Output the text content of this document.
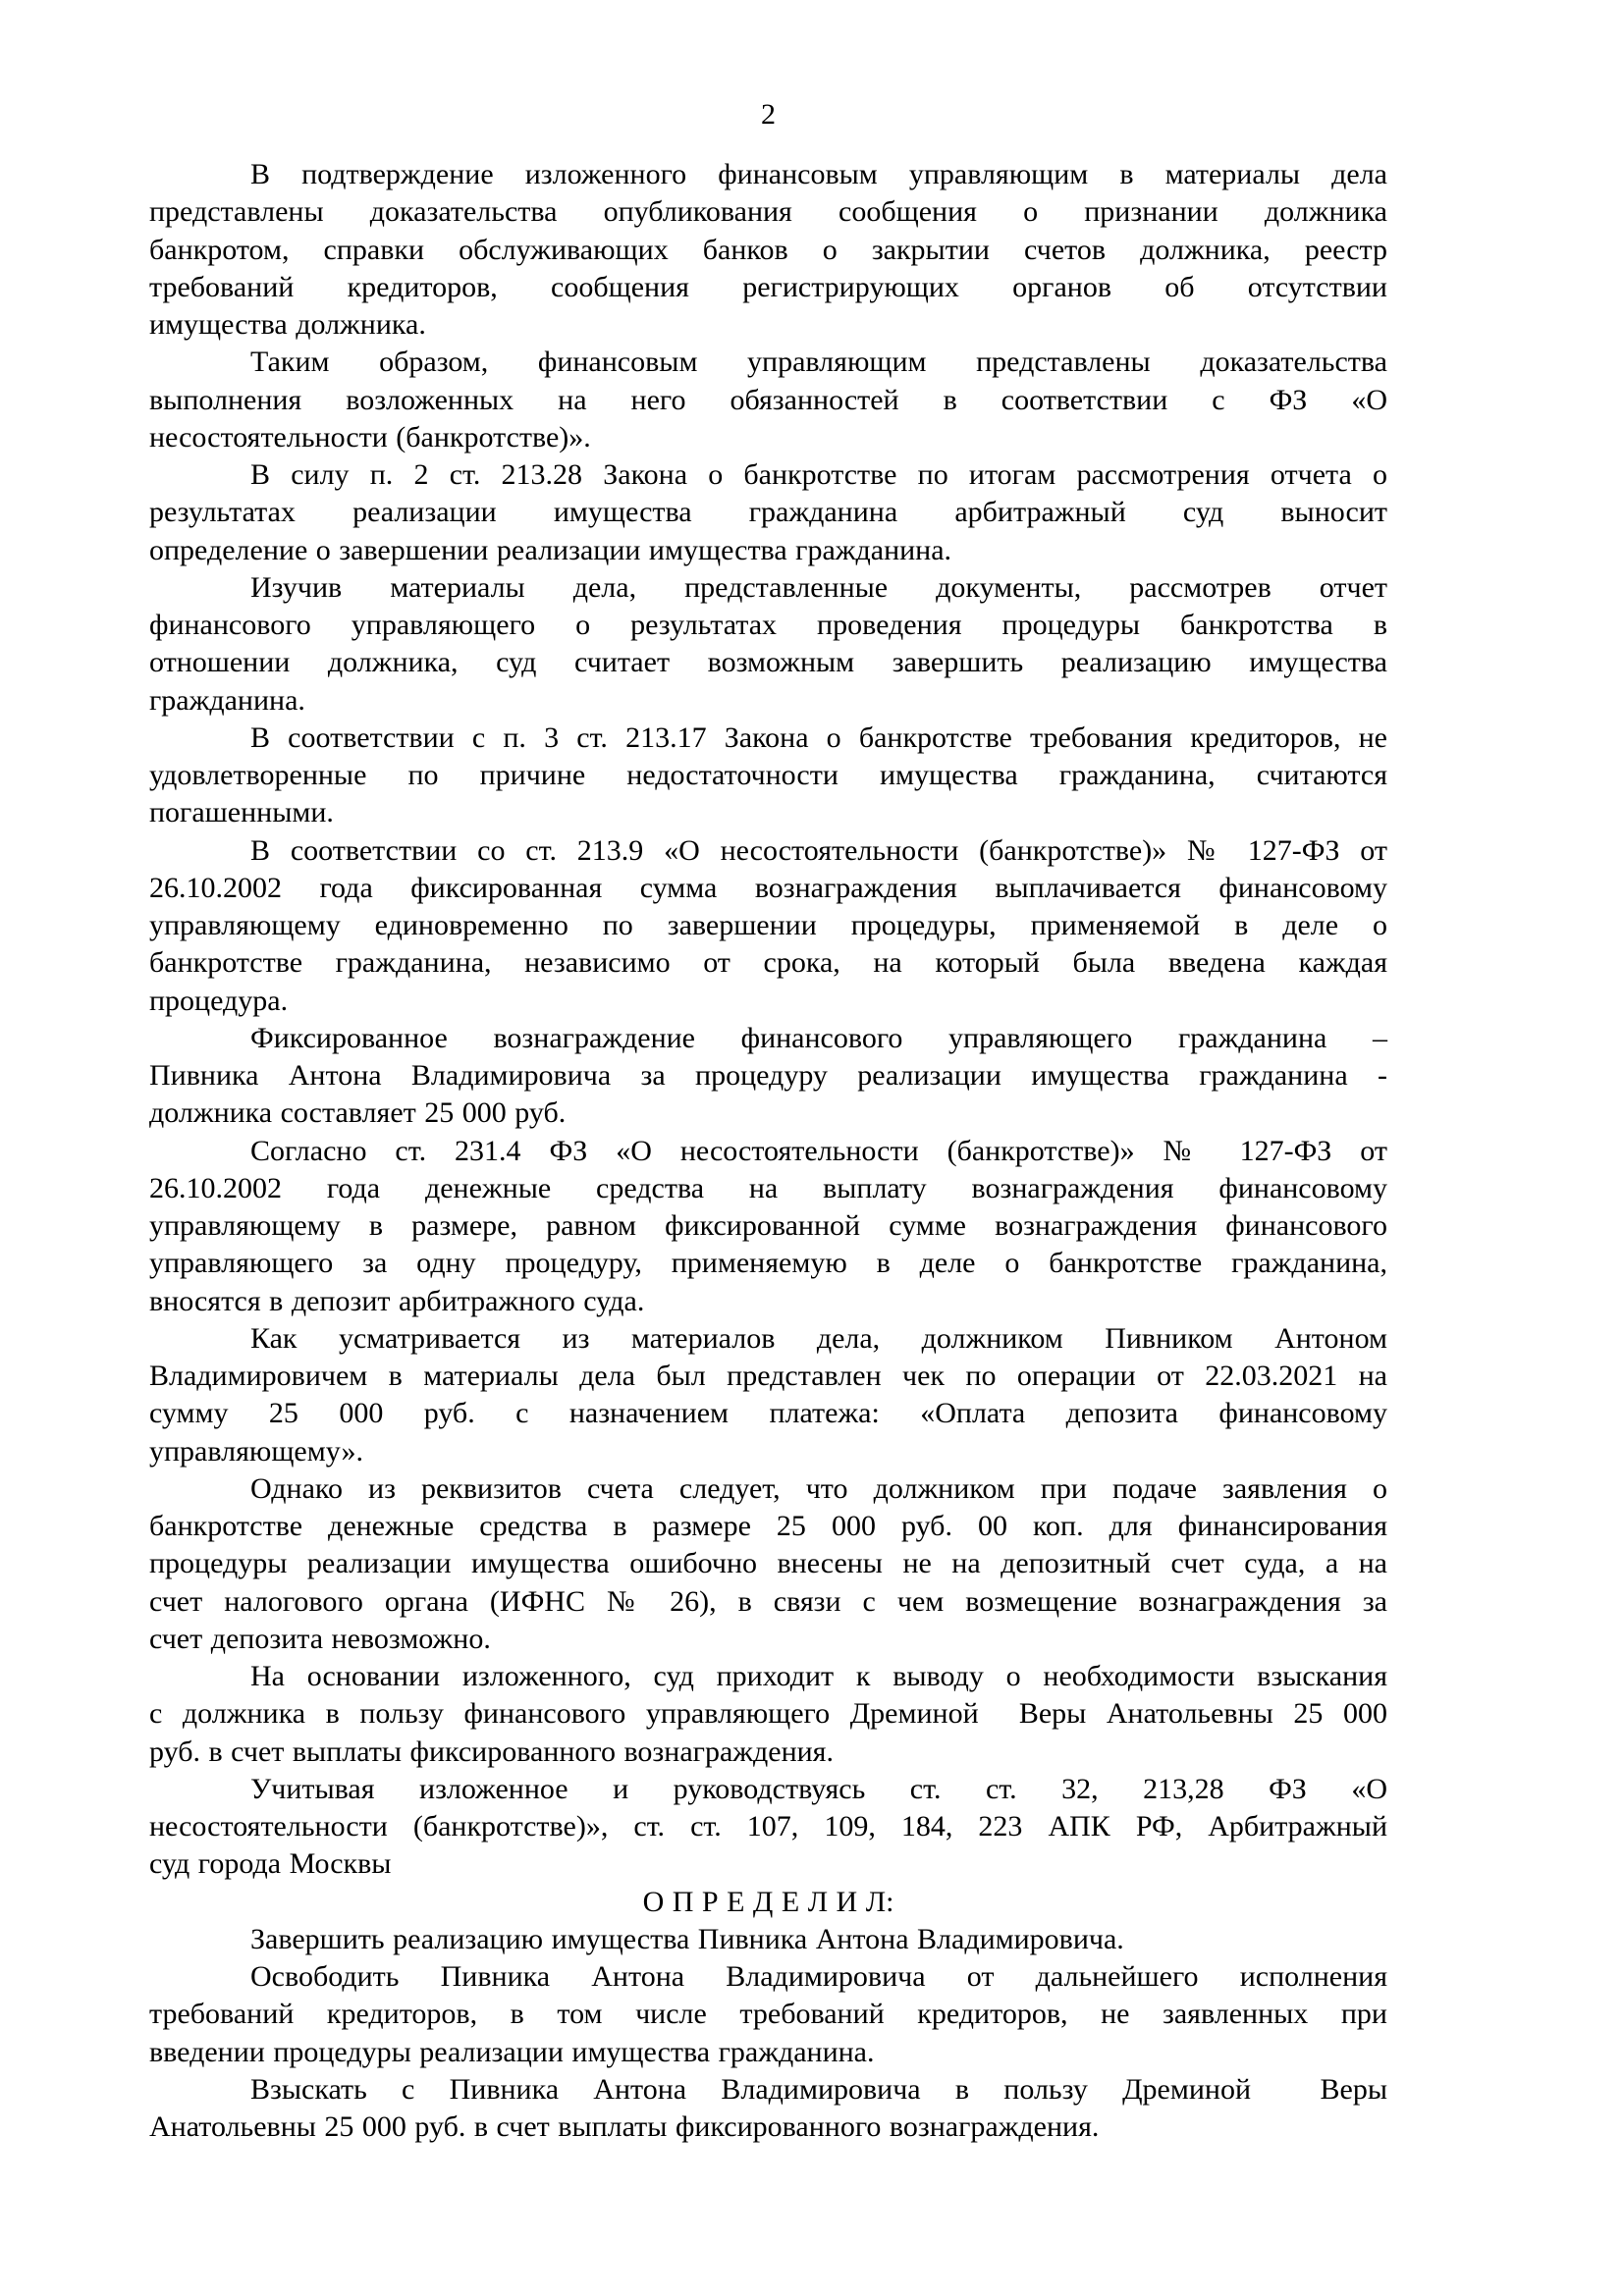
2
В подтверждение изложенного финансовым управляющим в материалы дела
представлены доказательства опубликования сообщения о признании должника
банкротом, справки обслуживающих банков о закрытии счетов должника, реестр
требований кредиторов, сообщения регистрирующих органов об отсутствии
имущества должника.
Таким образом, финансовым управляющим представлены доказательства
выполнения возложенных на него обязанностей в соответствии с ФЗ «О
несостоятельности (банкротстве)».
В силу п. 2 ст. 213.28 Закона о банкротстве по итогам рассмотрения отчета о
результатах реализации имущества гражданина арбитражный суд выносит
определение о завершении реализации имущества гражданина.
Изучив материалы дела, представленные документы, рассмотрев отчет
финансового управляющего о результатах проведения процедуры банкротства в
отношении должника, суд считает возможным завершить реализацию имущества
гражданина.
В соответствии с п. 3 ст. 213.17 Закона о банкротстве требования кредиторов, не
удовлетворенные по причине недостаточности имущества гражданина, считаются
погашенными.
В соответствии со ст. 213.9 «О несостоятельности (банкротстве)» № 127-ФЗ от
26.10.2002 года фиксированная сумма вознаграждения выплачивается финансовому
управляющему единовременно по завершении процедуры, применяемой в деле о
банкротстве гражданина, независимо от срока, на который была введена каждая
процедура.
Фиксированное вознаграждение финансового управляющего гражданина –
Пивника Антона Владимировича за процедуру реализации имущества гражданина -
должника составляет 25 000 руб.
Согласно ст. 231.4 ФЗ «О несостоятельности (банкротстве)» № 127-ФЗ от
26.10.2002 года денежные средства на выплату вознаграждения финансовому
управляющему в размере, равном фиксированной сумме вознаграждения финансового
управляющего за одну процедуру, применяемую в деле о банкротстве гражданина,
вносятся в депозит арбитражного суда.
Как усматривается из материалов дела, должником Пивником Антоном
Владимировичем в материалы дела был представлен чек по операции от 22.03.2021 на
сумму 25 000 руб. с назначением платежа: «Оплата депозита финансовому
управляющему».
Однако из реквизитов счета следует, что должником при подаче заявления о
банкротстве денежные средства в размере 25 000 руб. 00 коп. для финансирования
процедуры реализации имущества ошибочно внесены не на депозитный счет суда, а на
счет налогового органа (ИФНС № 26), в связи с чем возмещение вознаграждения за
счет депозита невозможно.
На основании изложенного, суд приходит к выводу о необходимости взыскания
с должника в пользу финансового управляющего Дреминой  Веры Анатольевны 25 000
руб. в счет выплаты фиксированного вознаграждения.
Учитывая изложенное и руководствуясь ст. ст. 32, 213,28 ФЗ «О
несостоятельности (банкротстве)», ст. ст. 107, 109, 184, 223 АПК РФ, Арбитражный
суд города Москвы
О П Р Е Д Е Л И Л:
Завершить реализацию имущества Пивника Антона Владимировича.
Освободить Пивника Антона Владимировича от дальнейшего исполнения
требований кредиторов, в том числе требований кредиторов, не заявленных при
введении процедуры реализации имущества гражданина.
Взыскать с Пивника Антона Владимировича в пользу Дреминой  Веры
Анатольевны 25 000 руб. в счет выплаты фиксированного вознаграждения.
